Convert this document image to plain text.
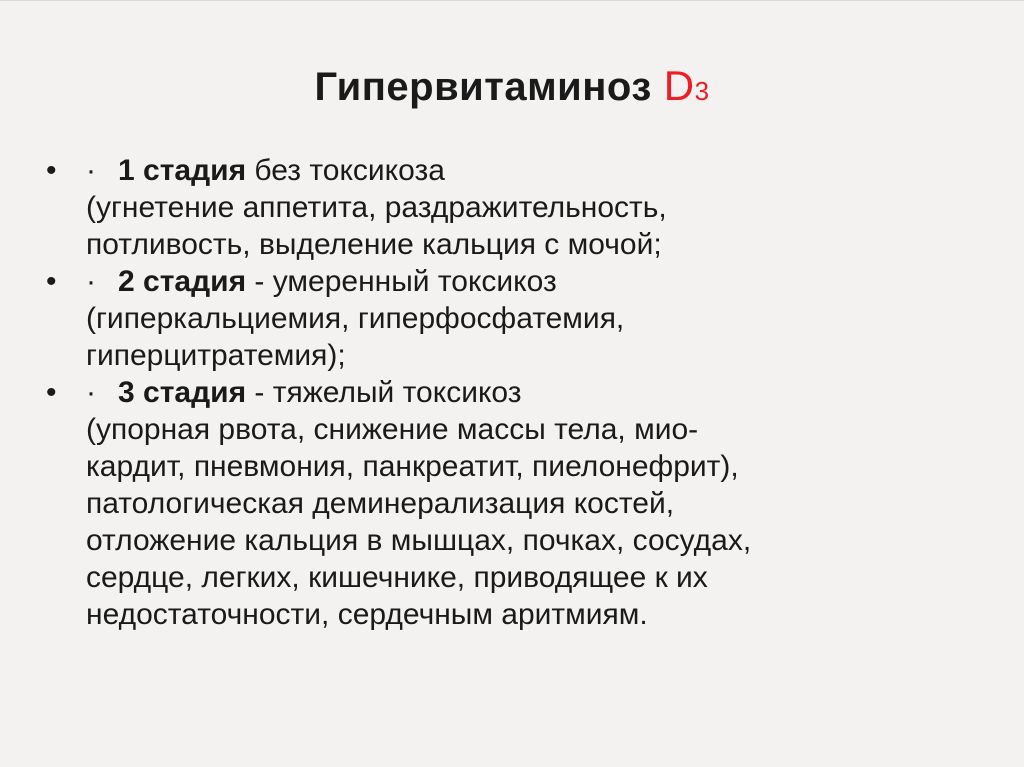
Гипервитаминоз D3
• · 1 стадия без токсикоза
(угнетение аппетита, раздражительность,
потливость, выделение кальция с мочой;
• · 2 стадия - умеренный токсикоз
(гиперкальциемия, гиперфосфатемия,
гиперцитратемия);
• · 3 стадия - тяжелый токсикоз
(упорная рвота, снижение массы тела, мио-
кардит, пневмония, панкреатит, пиелонефрит),
патологическая деминерализация костей,
отложение кальция в мышцах, почках, сосудах,
сердце, легких, кишечнике, приводящее к их
недостаточности, сердечным аритмиям.
